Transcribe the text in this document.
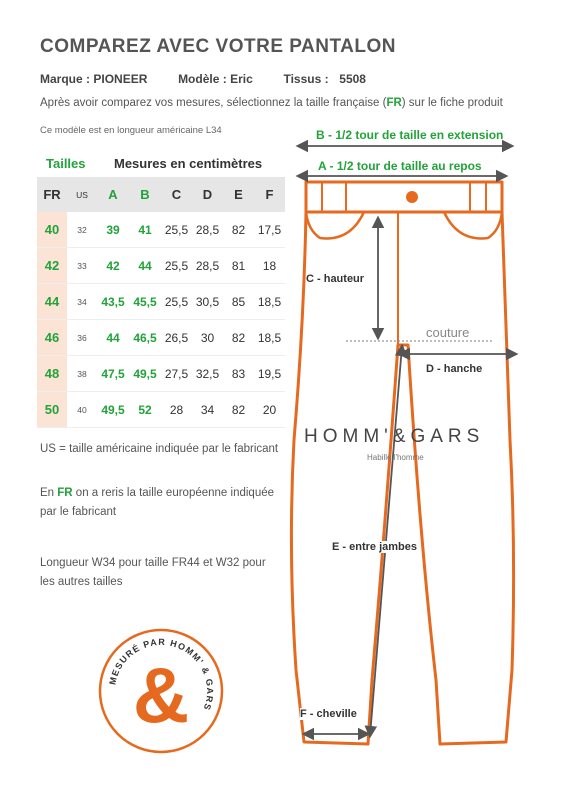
COMPAREZ AVEC VOTRE PANTALON
Marque : PIONEER	Modèle : Eric	Tissus : 5508
Après avoir comparez vos mesures, sélectionnez la taille française (FR) sur le fiche produit
Ce modèle est en longueur américaine L34
Tailles Mesures en centimètres
FR	US	A	B	C	D	E	F
40	32	39	41	25,5	28,5	82	17,5
42	33	42	44	25,5	28,5	81	18
44	34	43,5	45,5	25,5	30,5	85	18,5
46	36	44	46,5	26,5	30	82	18,5
48	38	47,5	49,5	27,5	32,5	83	19,5
50	40	49,5	52	28	34	82	20
US = taille américaine indiquée par le fabricant
En FR on a reris la taille européenne indiquée par le fabricant
Longueur W34 pour taille FR44 et W32 pour les autres tailles
B - 1/2 tour de taille en extension
A - 1/2 tour de taille au repos
C - hauteur
couture
D - hanche
E - entre jambes
F - cheville
HOMM'&GARS
Habille l'homme
MESURÉ PAR HOMM' & GARS
&
